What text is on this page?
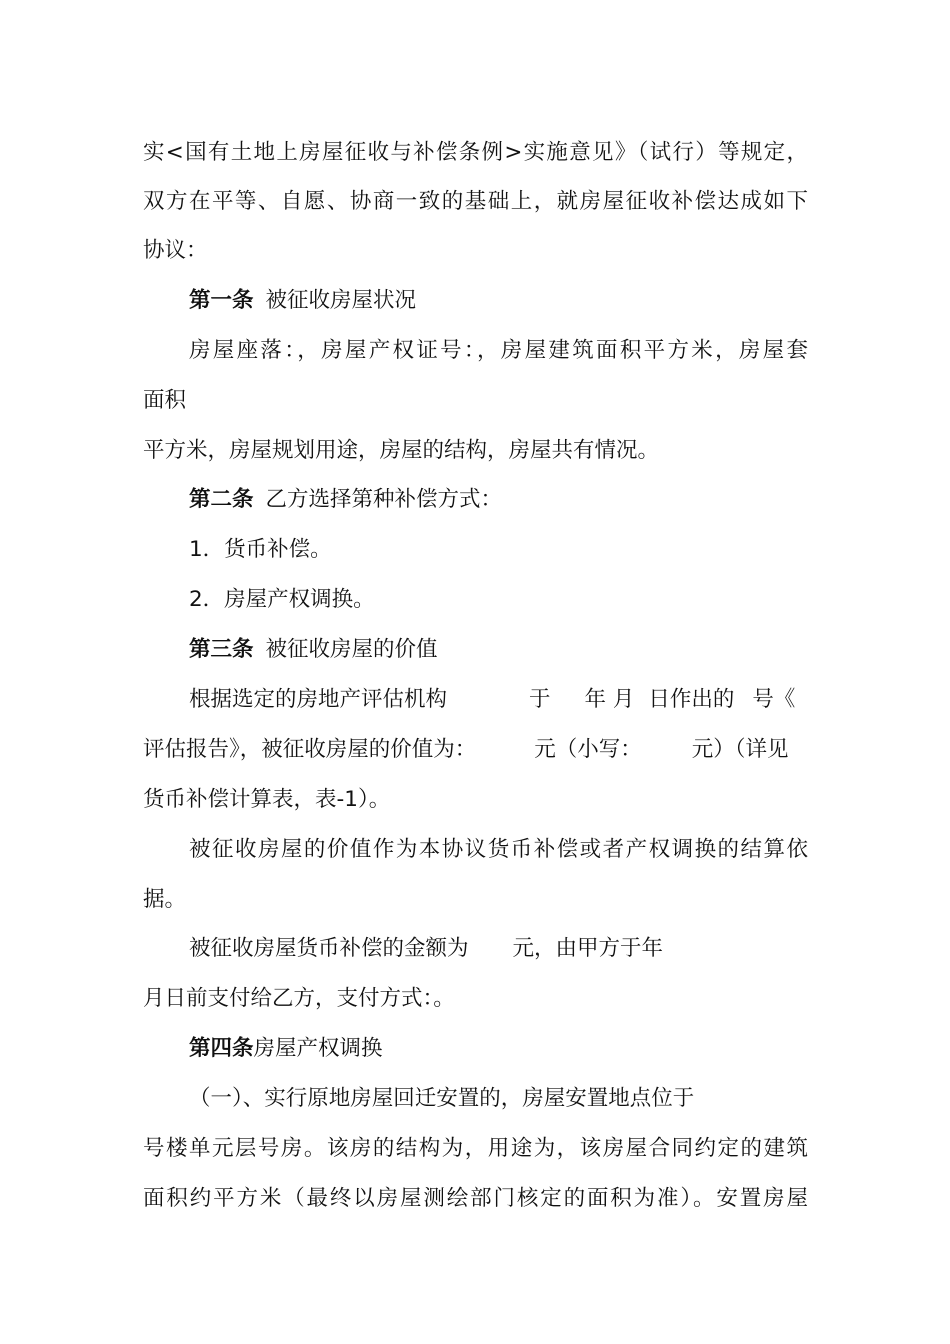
实<国有土地上房屋征收与补偿条例>实施意见》（试行）等规定，
双方在平等、自愿、协商一致的基础上，就房屋征收补偿达成如下
协议：
第一条 被征收房屋状况
房屋座落：，房屋产权证号：，房屋建筑面积平方米，房屋套
面积
平方米，房屋规划用途，房屋的结构，房屋共有情况。
第二条 乙方选择第种补偿方式：
1．货币补偿。
2．房屋产权调换。
第三条 被征收房屋的价值
根据选定的房地产评估机构	于 年 月 日作出的 号《
评估报告》，被征收房屋的价值为：	元（小写： 元）（详见
货币补偿计算表，表-1）。
被征收房屋的价值作为本协议货币补偿或者产权调换的结算依
据。
被征收房屋货币补偿的金额为 元，由甲方于年
月日前支付给乙方，支付方式：。
第四条房屋产权调换
（一）、实行原地房屋回迁安置的，房屋安置地点位于
号楼单元层号房。该房的结构为，用途为，该房屋合同约定的建筑
面积约平方米（最终以房屋测绘部门核定的面积为准）。安置房屋
